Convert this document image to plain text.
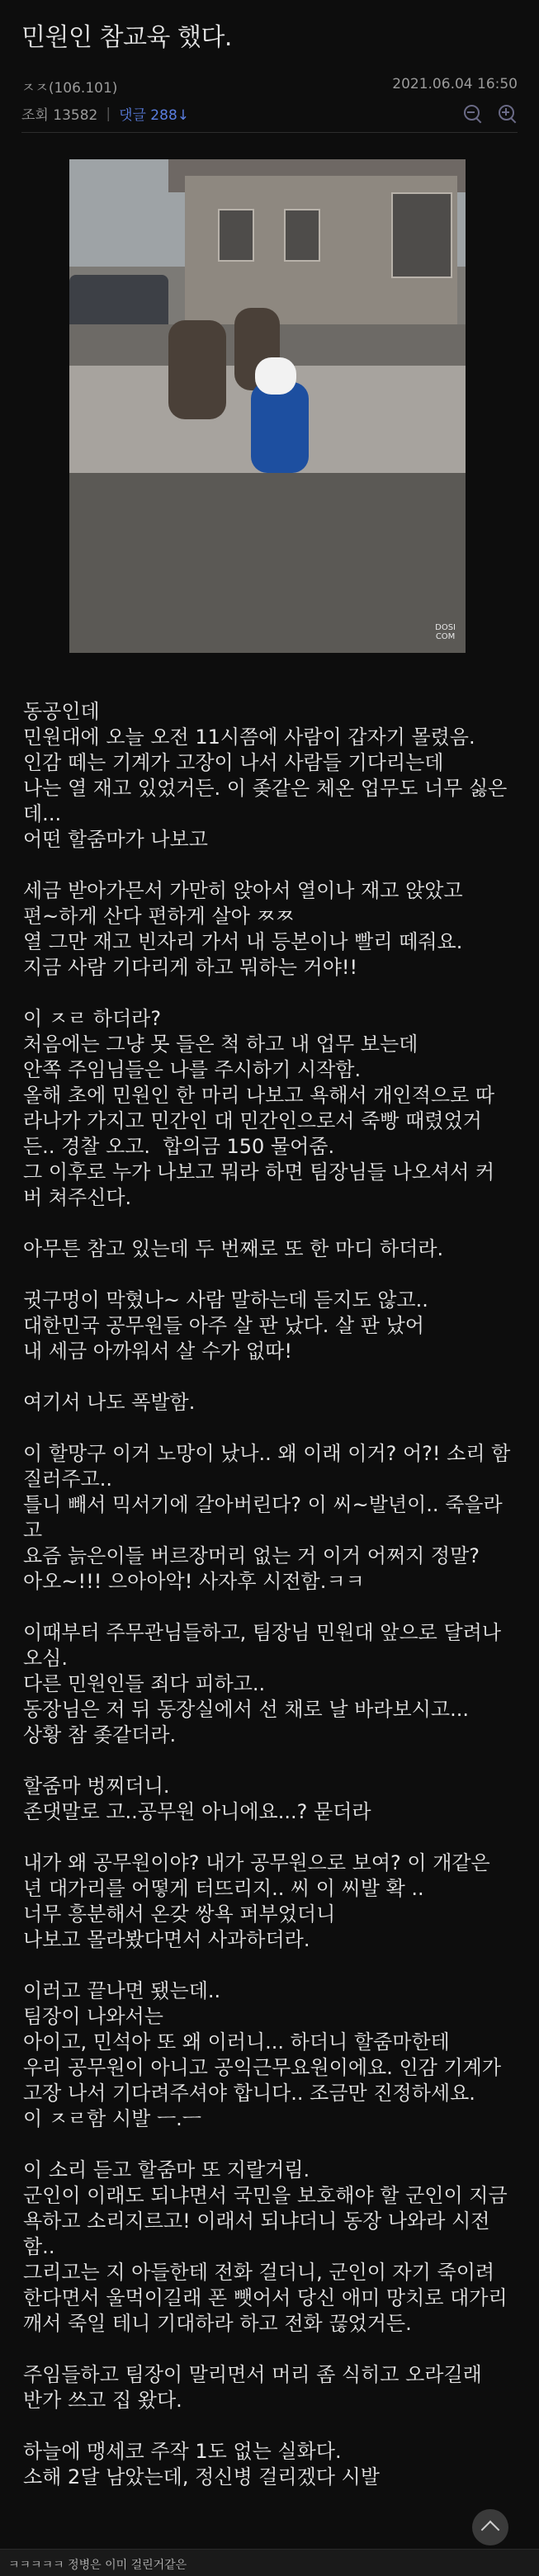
민원인 참교육 했다.
ㅈㅈ(106.101)	2021.06.04 16:50
조회 13582 | 댓글 288↓
DOSI
COM
동공인데
민원대에 오늘 오전 11시쯤에 사람이 갑자기 몰렸음.
인감 떼는 기계가 고장이 나서 사람들 기다리는데
나는 열 재고 있었거든. 이 좆같은 체온 업무도 너무 싫은
데...
어떤 할줌마가 나보고
세금 받아가믄서 가만히 앉아서 열이나 재고 앉았고
편~하게 산다 편하게 살아 ㅉㅉ
열 그만 재고 빈자리 가서 내 등본이나 빨리 떼줘요.
지금 사람 기다리게 하고 뭐하는 거야!!
이 ㅈㄹ 하더라?
처음에는 그냥 못 들은 척 하고 내 업무 보는데
안쪽 주임님들은 나를 주시하기 시작함.
올해 초에 민원인 한 마리 나보고 욕해서 개인적으로 따
라나가 가지고 민간인 대 민간인으로서 죽빵 때렸었거
든.. 경찰 오고.  합의금 150 물어줌.
그 이후로 누가 나보고 뭐라 하면 팀장님들 나오셔서 커
버 쳐주신다.
아무튼 참고 있는데 두 번째로 또 한 마디 하더라.
귓구멍이 막혔나~ 사람 말하는데 듣지도 않고..
대한민국 공무원들 아주 살 판 났다. 살 판 났어
내 세금 아까워서 살 수가 없따!
여기서 나도 폭발함.
이 할망구 이거 노망이 났나.. 왜 이래 이거? 어?! 소리 함
질러주고..
틀니 빼서 믹서기에 갈아버린다? 이 씨~발년이.. 죽을라
고
요즘 늙은이들 버르장머리 없는 거 이거 어쩌지 정말?
아오~!!! 으아아악! 사자후 시전함.ㅋㅋ
이때부터 주무관님들하고, 팀장님 민원대 앞으로 달려나
오심.
다른 민원인들 죄다 피하고..
동장님은 저 뒤 동장실에서 선 채로 날 바라보시고...
상황 참 좆같더라.
할줌마 벙찌더니.
존댓말로 고..공무원 아니에요...? 묻더라
내가 왜 공무원이야? 내가 공무원으로 보여? 이 개같은
년 대가리를 어떻게 터뜨리지.. 씨 이 씨발 확 ..
너무 흥분해서 온갖 쌍욕 퍼부었더니
나보고 몰라봤다면서 사과하더라.
이러고 끝나면 됐는데..
팀장이 나와서는
아이고, 민석아 또 왜 이러니... 하더니 할줌마한테
우리 공무원이 아니고 공익근무요원이에요. 인감 기계가
고장 나서 기다려주셔야 합니다.. 조금만 진정하세요.
이 ㅈㄹ함 시발 ㅡ.ㅡ
이 소리 듣고 할줌마 또 지랄거림.
군인이 이래도 되냐면서 국민을 보호해야 할 군인이 지금
욕하고 소리지르고! 이래서 되냐더니 동장 나와라 시전
함..
그리고는 지 아들한테 전화 걸더니, 군인이 자기 죽이려
한다면서 울먹이길래 폰 뺏어서 당신 애미 망치로 대가리
깨서 죽일 테니 기대하라 하고 전화 끊었거든.
주임들하고 팀장이 말리면서 머리 좀 식히고 오라길래
반가 쓰고 집 왔다.
하늘에 맹세코 주작 1도 없는 실화다.
소해 2달 남았는데, 정신병 걸리겠다 시발
ㅋㅋㅋㅋㅋ 정병은 이미 걸린거같은
